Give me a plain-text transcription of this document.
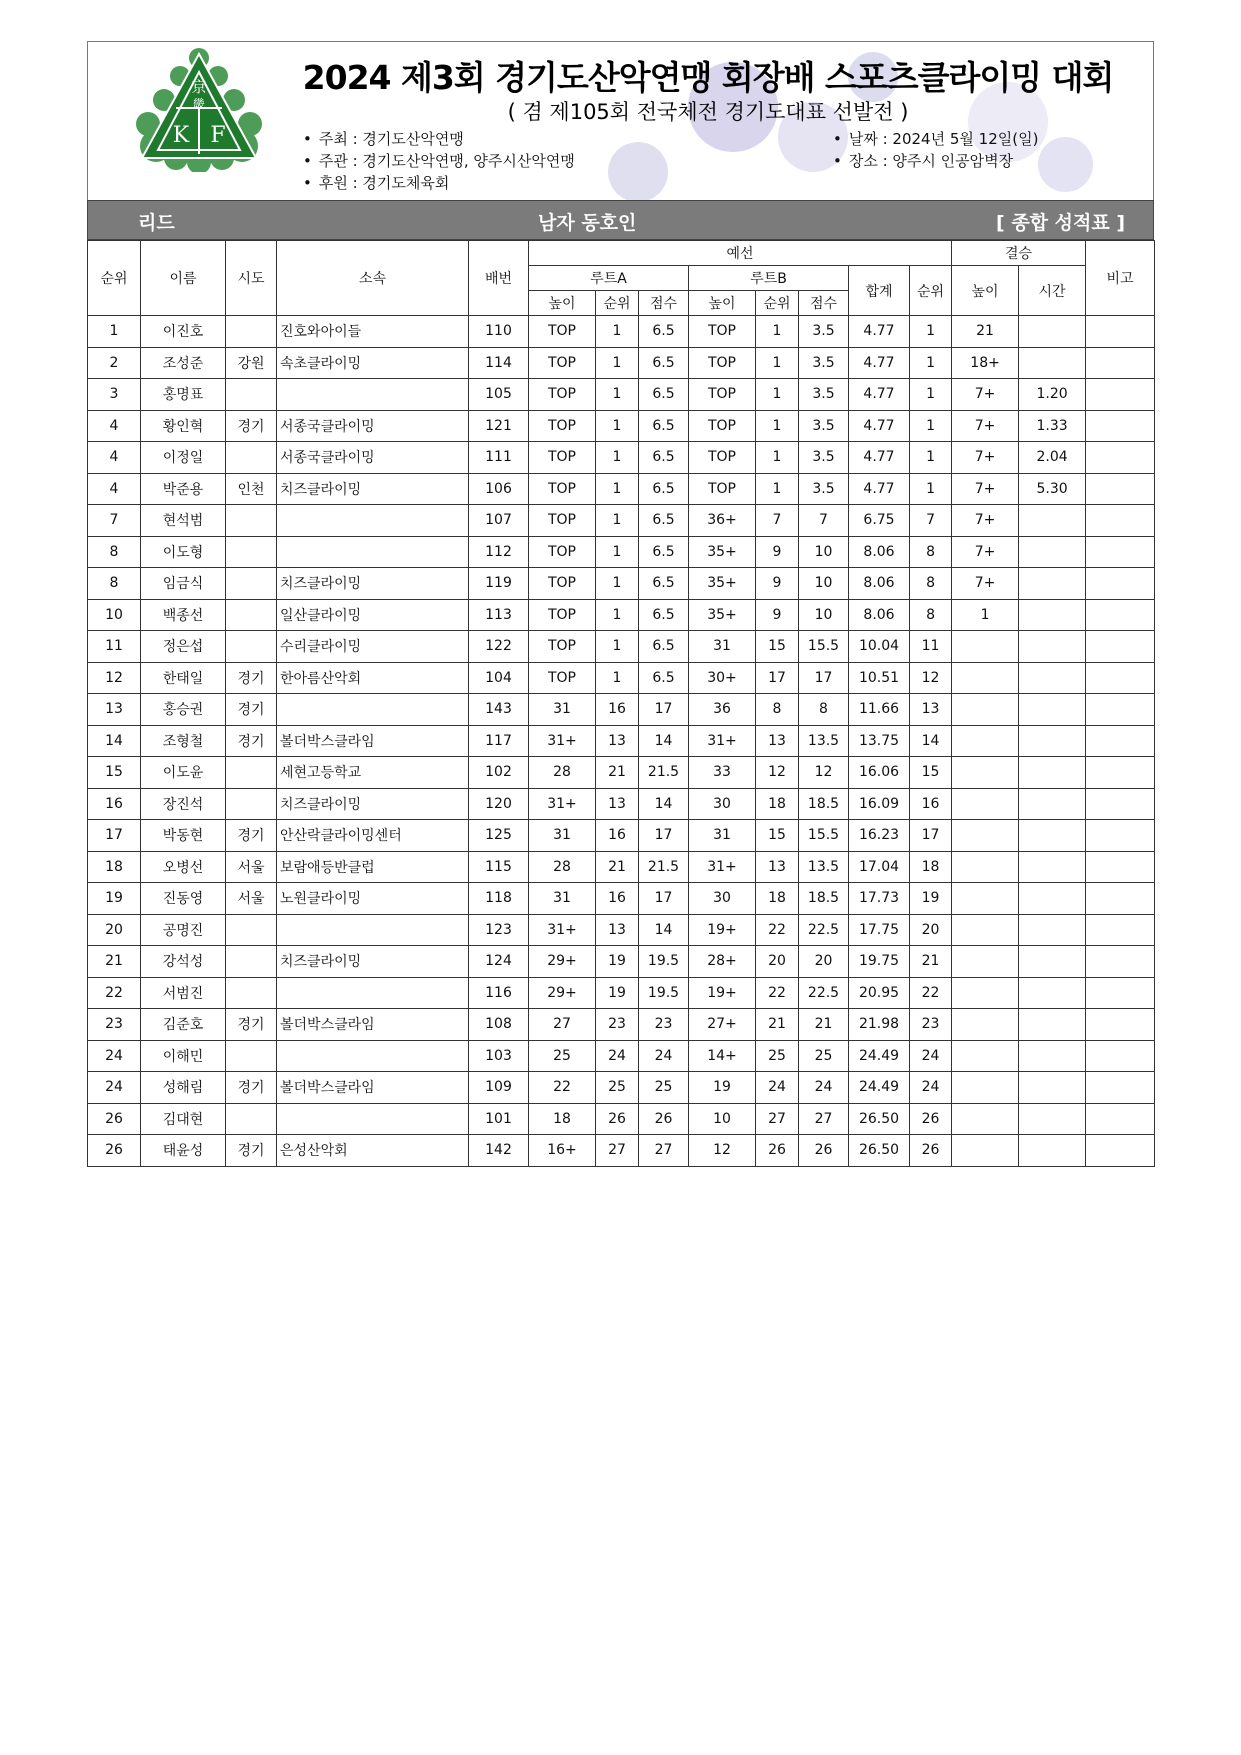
京
畿
K F
2024 제3회 경기도산악연맹 회장배 스포츠클라이밍 대회
( 겸 제105회 전국체전 경기도대표 선발전 )
• 주최 : 경기도산악연맹
• 주관 : 경기도산악연맹, 양주시산악연맹
• 후원 : 경기도체육회
• 날짜 : 2024년 5월 12일(일)
• 장소 : 양주시 인공암벽장
리드	남자 동호인	[ 종합 성적표 ]
순위	이름	시도	소속	배번	예선								결승		비고
					루트A			루트B			합계	순위	높이	시간	
					높이	순위	점수	높이	순위	점수					
1	이진호		진호와아이들	110	TOP	1	6.5	TOP	1	3.5	4.77	1	21		
2	조성준	강원	속초클라이밍	114	TOP	1	6.5	TOP	1	3.5	4.77	1	18+		
3	홍명표			105	TOP	1	6.5	TOP	1	3.5	4.77	1	7+	1.20	
4	황인혁	경기	서종국클라이밍	121	TOP	1	6.5	TOP	1	3.5	4.77	1	7+	1.33	
4	이정일		서종국클라이밍	111	TOP	1	6.5	TOP	1	3.5	4.77	1	7+	2.04	
4	박준용	인천	치즈클라이밍	106	TOP	1	6.5	TOP	1	3.5	4.77	1	7+	5.30	
7	현석범			107	TOP	1	6.5	36+	7	7	6.75	7	7+		
8	이도형			112	TOP	1	6.5	35+	9	10	8.06	8	7+		
8	임금식		치즈클라이밍	119	TOP	1	6.5	35+	9	10	8.06	8	7+		
10	백종선		일산클라이밍	113	TOP	1	6.5	35+	9	10	8.06	8	1		
11	정은섭		수리클라이밍	122	TOP	1	6.5	31	15	15.5	10.04	11			
12	한태일	경기	한아름산악회	104	TOP	1	6.5	30+	17	17	10.51	12			
13	홍승권	경기		143	31	16	17	36	8	8	11.66	13			
14	조형철	경기	볼더박스클라임	117	31+	13	14	31+	13	13.5	13.75	14			
15	이도윤		세현고등학교	102	28	21	21.5	33	12	12	16.06	15			
16	장진석		치즈클라이밍	120	31+	13	14	30	18	18.5	16.09	16			
17	박동현	경기	안산락클라이밍센터	125	31	16	17	31	15	15.5	16.23	17			
18	오병선	서울	보람애등반클럽	115	28	21	21.5	31+	13	13.5	17.04	18			
19	진동영	서울	노원클라이밍	118	31	16	17	30	18	18.5	17.73	19			
20	공명진			123	31+	13	14	19+	22	22.5	17.75	20			
21	강석성		치즈클라이밍	124	29+	19	19.5	28+	20	20	19.75	21			
22	서범진			116	29+	19	19.5	19+	22	22.5	20.95	22			
23	김준호	경기	볼더박스클라임	108	27	23	23	27+	21	21	21.98	23			
24	이해민			103	25	24	24	14+	25	25	24.49	24			
24	성해림	경기	볼더박스클라임	109	22	25	25	19	24	24	24.49	24			
26	김대현			101	18	26	26	10	27	27	26.50	26			
26	태윤성	경기	은성산악회	142	16+	27	27	12	26	26	26.50	26			
